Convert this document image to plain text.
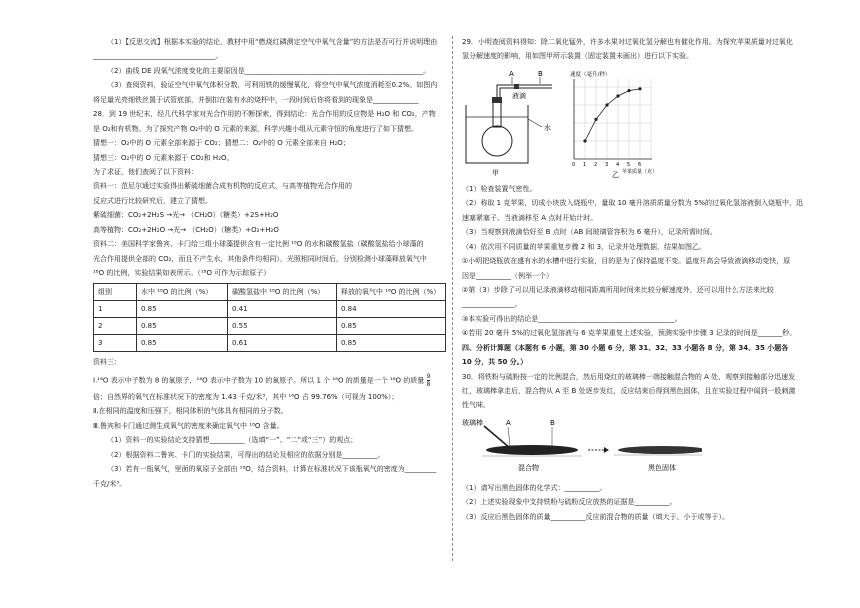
（1）【反思交流】根据本实验的结论，教材中用“燃烧红磷测定空气中氧气含量”的方法是否可行并说明理由

___________________________________。

（2）曲线 DE 段氧气浓度变化的主要原因是___________________________________________________。

（3）查阅资料，验证空气中氧气体积分数，可利用铁的缓慢氧化，将空气中氧气浓度消耗至0.2%。如图内

将足量光亮细铁丝置于试管底部，并倒扣在装有水的烧杯中，一段时间后你将看到的现象是_____________

28．到 19 世纪末，经几代科学家对光合作用的不断探索，得到结论：光合作用的反应物是 H₂O 和 CO₂，产物

是 O₂和有机物。为了探究产物 O₂中的 O 元素的来源，科学兴趣小组从元素守恒的角度进行了如下猜想。

猜想一：O₂中的 O 元素全部来源于 CO₂；猜想二：O₂中的 O 元素全部来自 H₂O；

猜想三：O₂中的 O 元素来源于 CO₂和 H₂O。

为了求证，他们查阅了以下资料：

资料一：范尼尔通过实验得出紫硫细菌合成有机物的反应式，与高等植物光合作用的

反应式进行比较研究后，建立了猜想。

紫硫细菌：CO₂+2H₂S →光→ （CH₂O）（糖类）+2S+H₂O

高等植物：CO₂+2H₂O →光→ （CH₂O）（糖类）+O₂+H₂O

资料二：美国科学家鲁宾、卡门给三组小球藻提供含有一定比例 ¹⁸O 的水和碳酸氢盐（碳酸氢盐给小球藻的

光合作用提供全部的 CO₂，而且不产生水，其他条件均相同），光照相同时间后，分别检测小球藻释放氧气中

¹⁸O 的比例，实验结果如表所示。（¹⁸O 可作为示踪原子）

组别	水中 ¹⁸O 的比例（%）	碳酸氢盐中 ¹⁸O 的比例（%）	释放的氧气中 ¹⁸O 的比例（%）
1	0.85	0.41	0.84
2	0.85	0.55	0.85
3	0.85	0.61	0.85

资料三：

Ⅰ.¹⁶O 表示中子数为 8 的氧原子，¹⁸O 表示中子数为 10 的氧原子。所以 1 个 ¹⁸O 的质量是一个 ¹⁶O 的质量 $\frac{9}{8}$

倍；自然界的氧气在标准状况下的密度为 1.43 千克/米³，其中 ¹⁶O 占 99.76%（可视为 100%）；

Ⅱ.在相同的温度和压强下，相同体积的气体具有相同的分子数。

Ⅲ.鲁宾和卡门通过测生成氧气的密度来确定氧气中 ¹⁸O 含量。

（1）资料一的实验结论支持猜想__________（选填“一”、“二”或“三”）的观点；

（2）根据资料二鲁宾、卡门的实验结果，可得出的结论及相应的依据分别是__________。

（3）若有一瓶氧气，里面的氧原子全部由 ¹⁸O，结合资料，计算在标准状况下该瓶氧气的密度为_________

千克/米³。

29．小明查阅资料得知：除二氧化锰外，许多水果对过氧化氢分解也有催化作用。为探究苹果质量对过氧化

氢分解速度的影响，用如图甲所示装置（固定装置未画出）进行以下实验。

A	B
液滴
水
甲
速度（毫升/秒）
0 1 2 3 4 5 6
苹果质量（克）
乙

（1）检查装置气密性。

（2）称取 1 克苹果，切成小块放入烧瓶中，量取 10 毫升溶质质量分数为 5%的过氧化氢溶液倒入烧瓶中，迅

速塞紧塞子。当液滴移至 A 点时开始计时。

（3）当观察到液滴恰好至 B 点时（AB 间玻璃管容积为 6 毫升），记录所需时间。

（4）依次用不同质量的苹果重复步骤 2 和 3，记录并处理数据，结果如图乙。

①小明把烧瓶放在盛有水的水槽中进行实验，目的是为了保持温度不变。温度升高会导致液滴移动变快，原

因是__________（例举一个）

②第（3）步除了可以用记录液滴移动相同距离所用时间来比较分解速度外，还可以用什么方法来比较

_______________。

③本实验可得出的结论是_______________________________________。

④若用 20 毫升 5%的过氧化氢溶液与 6 克苹果重复上述实验，预测实验中步骤 3 记录的时间是_______秒。

四、分析计算题（本题有 6 小题，第 30 小题 6 分，第 31、32、33 小题各 8 分，第 34、35 小题各

10 分，共 50 分。）

30．将铁粉与硫粉按一定的比例混合，然后用烧红的玻璃棒一端接触混合物的 A 处，观察到接触部分迅速发

红，玻璃棒拿走后，混合物从 A 至 B 处逐步发红，反应结束后得到黑色固体，且在实验过程中闻到一股刺激

性气味。

玻璃棒	A	B
混合物	黑色固体

（1）请写出黑色固体的化学式：__________。

（2）上述实验现象中支持铁粉与硫粉反应放热的证据是__________。

（3）反应后黑色固体的质量__________反应前混合物的质量（填大于、小于或等于）。
